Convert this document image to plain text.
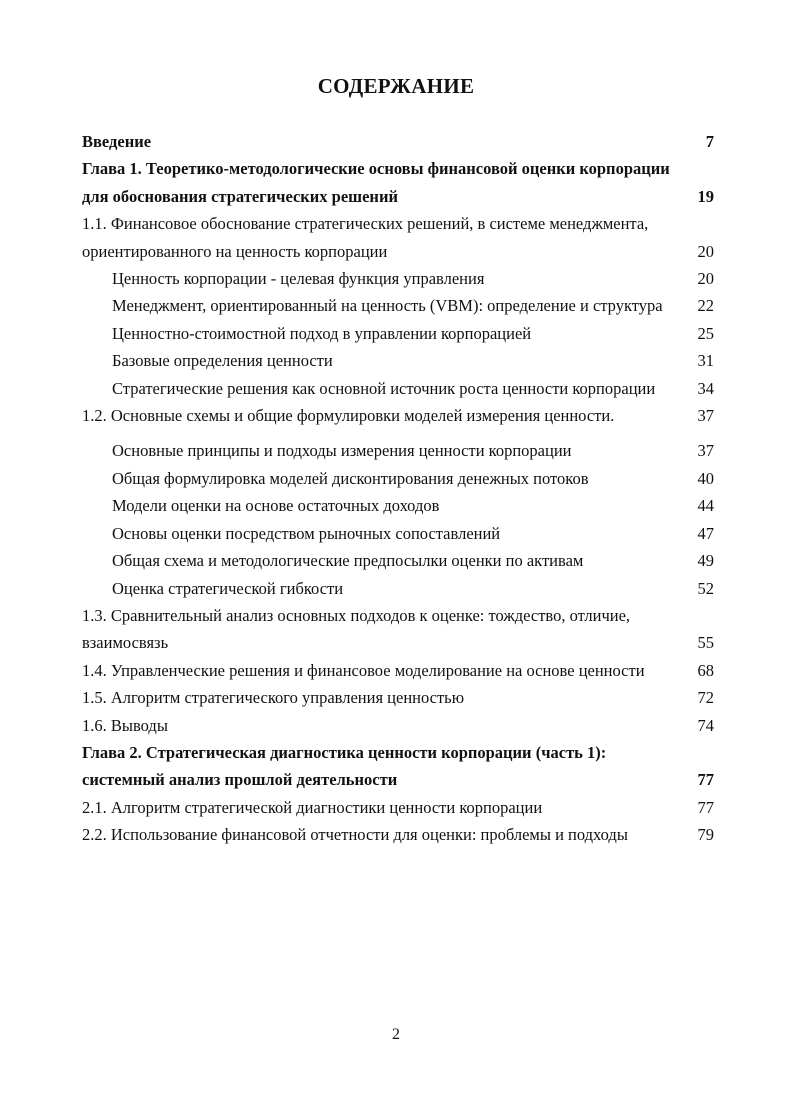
СОДЕРЖАНИЕ
Введение	7
Глава 1. Теоретико-методологические основы финансовой оценки корпорации для обоснования стратегических решений	19
1.1. Финансовое обоснование стратегических решений, в системе менеджмента, ориентированного на ценность корпорации	20
Ценность корпорации - целевая функция управления	20
Менеджмент, ориентированный на ценность (VBM): определение и структура	22
Ценностно-стоимостной подход в управлении корпорацией	25
Базовые определения ценности	31
Стратегические решения как основной источник роста ценности корпорации	34
1.2. Основные схемы и общие формулировки моделей измерения ценности.	37
Основные принципы и подходы измерения ценности корпорации	37
Общая формулировка моделей дисконтирования денежных потоков	40
Модели оценки на основе остаточных доходов	44
Основы оценки посредством рыночных сопоставлений	47
Общая схема и методологические предпосылки оценки по активам	49
Оценка стратегической гибкости	52
1.3. Сравнительный анализ основных подходов к оценке: тождество, отличие, взаимосвязь	55
1.4. Управленческие решения и финансовое моделирование на основе ценности	68
1.5. Алгоритм стратегического управления ценностью	72
1.6. Выводы	74
Глава 2. Стратегическая диагностика ценности корпорации (часть 1): системный анализ прошлой деятельности	77
2.1. Алгоритм стратегической диагностики ценности корпорации	77
2.2. Использование финансовой отчетности для оценки: проблемы и подходы	79
2
